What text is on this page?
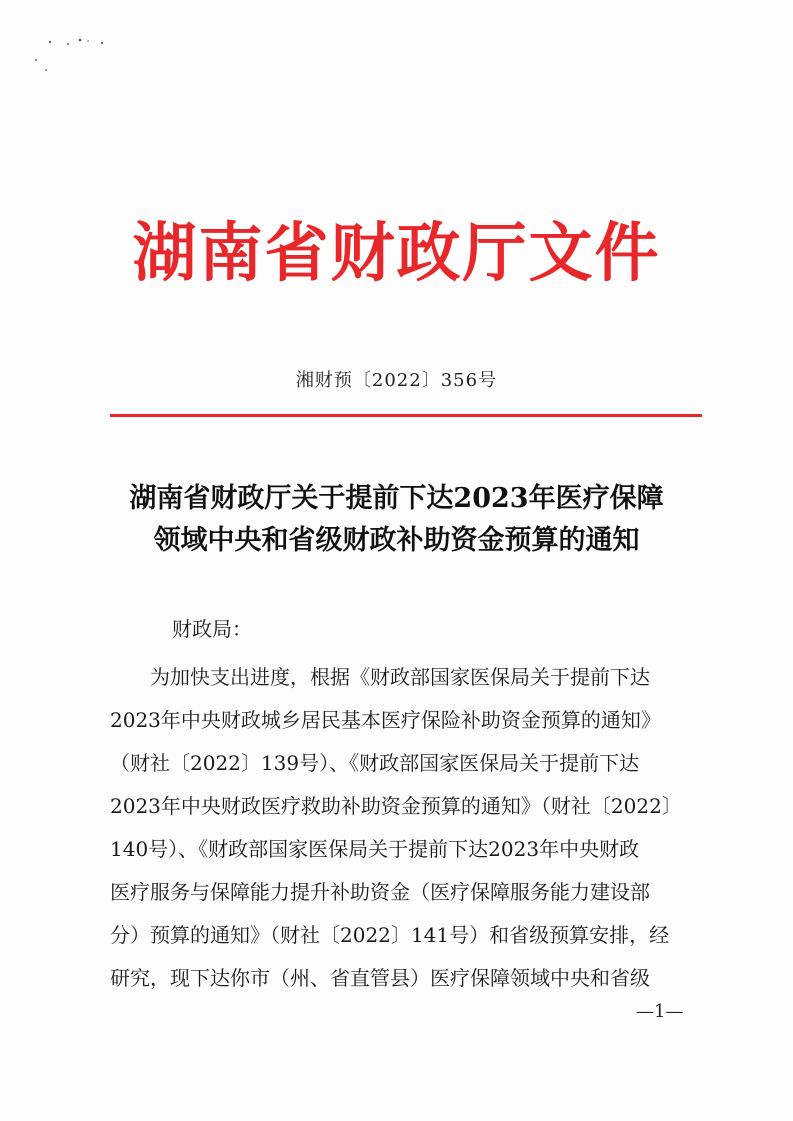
湖南省财政厅文件
湘财预〔2022〕356号
湖南省财政厅关于提前下达2023年医疗保障
领域中央和省级财政补助资金预算的通知
财政局：
为加快支出进度，根据《财政部国家医保局关于提前下达
2023年中央财政城乡居民基本医疗保险补助资金预算的通知》
（财社〔2022〕139号）、《财政部国家医保局关于提前下达
2023年中央财政医疗救助补助资金预算的通知》（财社〔2022〕
140号）、《财政部国家医保局关于提前下达2023年中央财政
医疗服务与保障能力提升补助资金（医疗保障服务能力建设部
分）预算的通知》（财社〔2022〕141号）和省级预算安排，经
研究，现下达你市（州、省直管县）医疗保障领域中央和省级
—1—
